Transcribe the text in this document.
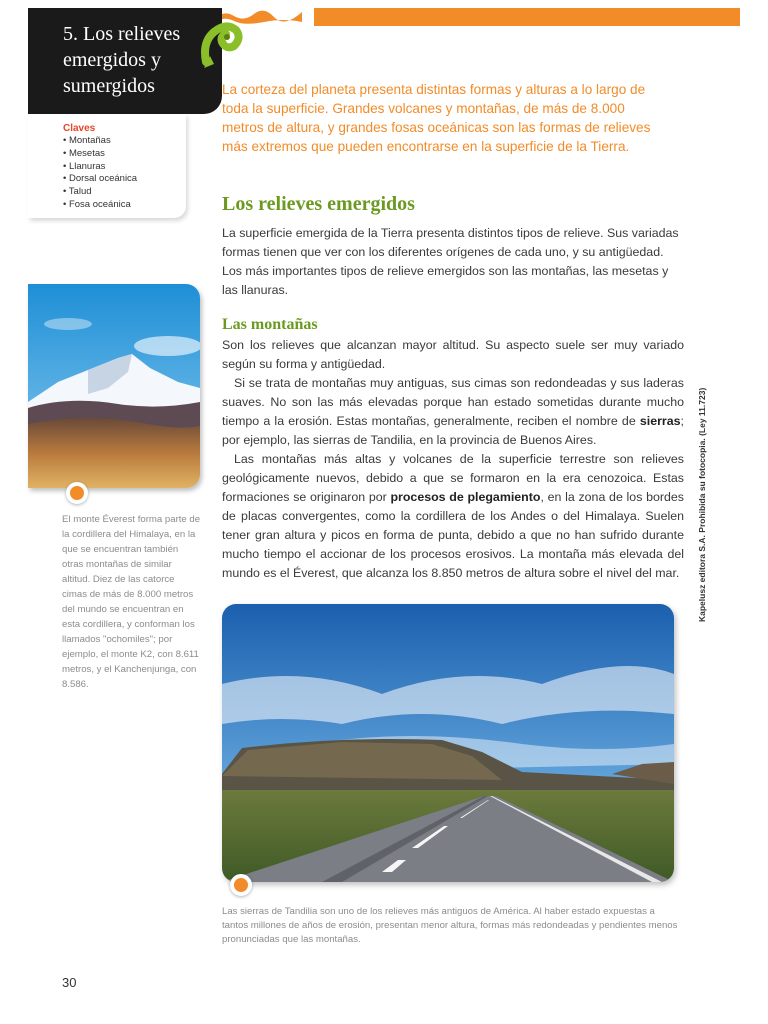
5. Los relieves emergidos y sumergidos
Claves
• Montañas
• Mesetas
• Llanuras
• Dorsal oceánica
• Talud
• Fosa oceánica
La corteza del planeta presenta distintas formas y alturas a lo largo de toda la superficie. Grandes volcanes y montañas, de más de 8.000 metros de altura, y grandes fosas oceánicas son las formas de relieves más extremos que pueden encontrarse en la superficie de la Tierra.
Los relieves emergidos
La superficie emergida de la Tierra presenta distintos tipos de relieve. Sus variadas formas tienen que ver con los diferentes orígenes de cada uno, y su antigüedad. Los más importantes tipos de relieve emergidos son las montañas, las mesetas y las llanuras.
Las montañas

Son los relieves que alcanzan mayor altitud. Su aspecto suele ser muy variado según su forma y antigüedad.

Si se trata de montañas muy antiguas, sus cimas son redondeadas y sus laderas suaves. No son las más elevadas porque han estado sometidas durante mucho tiempo a la erosión. Estas montañas, generalmente, reciben el nombre de sierras; por ejemplo, las sierras de Tandilia, en la provincia de Buenos Aires.

Las montañas más altas y volcanes de la superficie terrestre son relieves geológicamente nuevos, debido a que se formaron en la era cenozoica. Estas formaciones se originaron por procesos de plegamiento, en la zona de los bordes de placas convergentes, como la cordillera de los Andes o del Himalaya. Suelen tener gran altura y picos en forma de punta, debido a que no han sufrido durante mucho tiempo el accionar de los procesos erosivos. La montaña más elevada del mundo es el Éverest, que alcanza los 8.850 metros de altura sobre el nivel del mar.

El monte Éverest forma parte de la cordillera del Himalaya, en la que se encuentran también otras montañas de similar altitud. Diez de las catorce cimas de más de 8.000 metros del mundo se encuentran en esta cordillera, y conforman los llamados "ochomiles"; por ejemplo, el monte K2, con 8.611 metros, y el Kanchenjunga, con 8.586.
Las sierras de Tandilia son uno de los relieves más antiguos de América. Al haber estado expuestas a tantos millones de años de erosión, presentan menor altura, formas más redondeadas y pendientes menos pronunciadas que las montañas.
Kapelusz editora S.A. Prohibida su fotocopia. (Ley 11.723)
30
